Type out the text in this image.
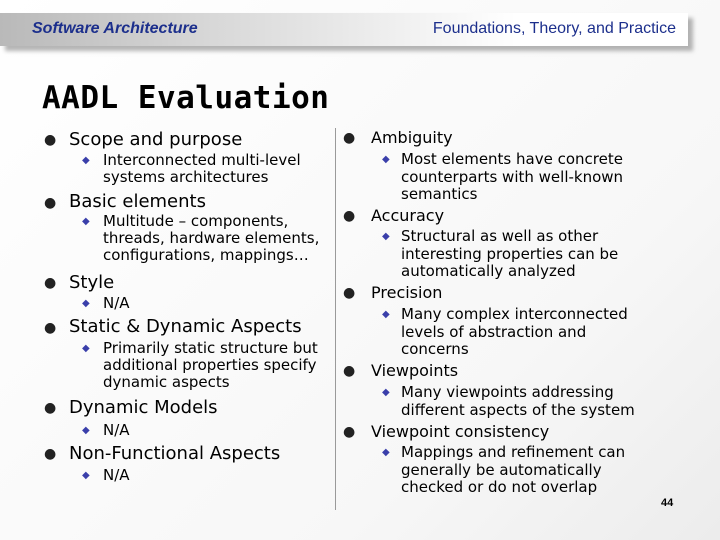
Software Architecture	Foundations, Theory, and Practice
AADL Evaluation
● Scope and purpose
◆ Interconnected multi-level systems architectures
● Basic elements
◆ Multitude – components, threads, hardware elements, configurations, mappings…
● Style
◆ N/A
● Static & Dynamic Aspects
◆ Primarily static structure but additional properties specify dynamic aspects
● Dynamic Models
◆ N/A
● Non-Functional Aspects
◆ N/A
● Ambiguity
◆ Most elements have concrete counterparts with well-known semantics
● Accuracy
◆ Structural as well as other interesting properties can be automatically analyzed
● Precision
◆ Many complex interconnected levels of abstraction and concerns
● Viewpoints
◆ Many viewpoints addressing different aspects of the system
● Viewpoint consistency
◆ Mappings and refinement can generally be automatically checked or do not overlap
44
